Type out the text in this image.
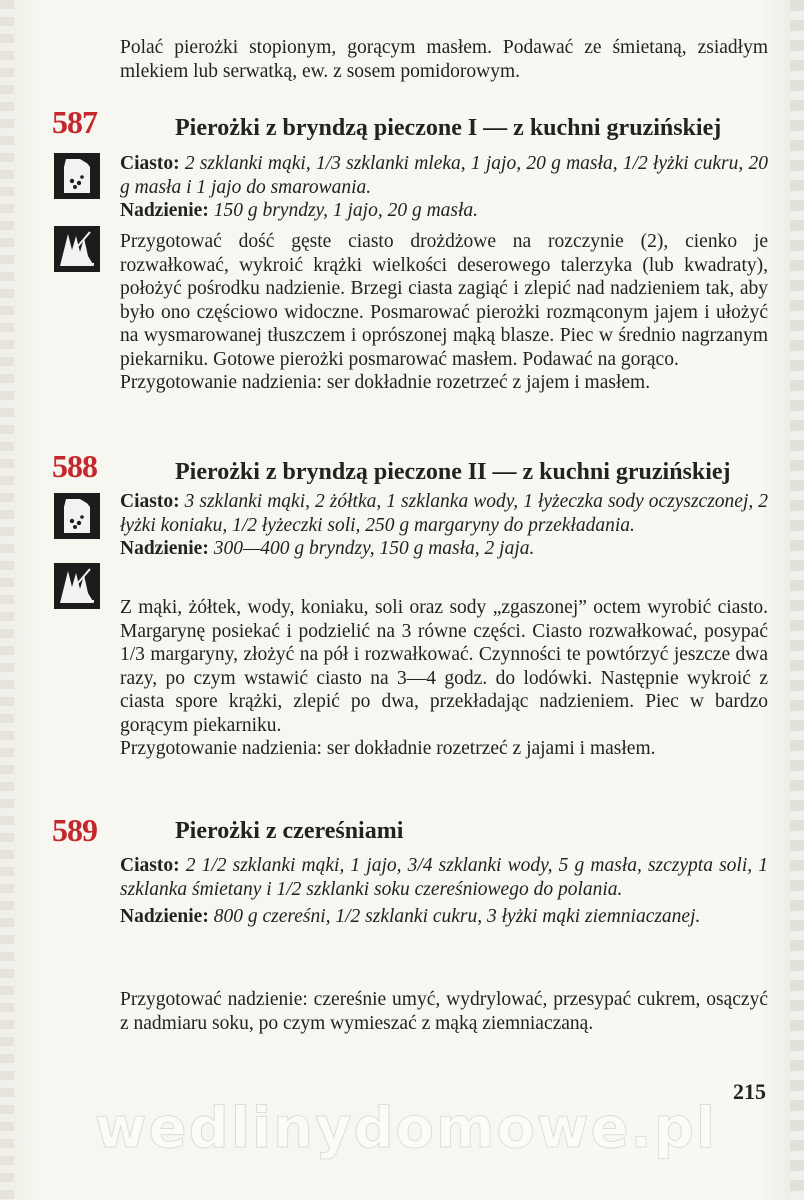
Polać pierożki stopionym, gorącym masłem. Podawać ze śmietaną, zsiadłym mlekiem lub serwatką, ew. z sosem pomidorowym.

587	Pierożki z bryndzą pieczone I — z kuchni gruzińskiej

Ciasto: 2 szklanki mąki, 1/3 szklanki mleka, 1 jajo, 20 g masła, 1/2 łyżki cukru, 20 g masła i 1 jajo do smarowania.

Nadzienie: 150 g bryndzy, 1 jajo, 20 g masła.

Przygotować dość gęste ciasto drożdżowe na rozczynie (2), cienko je rozwałkować, wykroić krążki wielkości deserowego talerzyka (lub kwadraty), położyć pośrodku nadzienie. Brzegi ciasta zagiąć i zlepić nad nadzieniem tak, aby było ono częściowo widoczne. Posmarować pierożki rozmąconym jajem i ułożyć na wysmarowanej tłuszczem i oprószonej mąką blasze. Piec w średnio nagrzanym piekarniku. Gotowe pierożki posmarować masłem. Podawać na gorąco.

Przygotowanie nadzienia: ser dokładnie rozetrzeć z jajem i masłem.

588	Pierożki z bryndzą pieczone II — z kuchni gruzińskiej

Ciasto: 3 szklanki mąki, 2 żółtka, 1 szklanka wody, 1 łyżeczka sody oczyszczonej, 2 łyżki koniaku, 1/2 łyżeczki soli, 250 g margaryny do przekładania.

Nadzienie: 300—400 g bryndzy, 150 g masła, 2 jaja.

Z mąki, żółtek, wody, koniaku, soli oraz sody „zgaszonej” octem wyrobić ciasto. Margarynę posiekać i podzielić na 3 równe części. Ciasto rozwałkować, posypać 1/3 margaryny, złożyć na pół i rozwałkować. Czynności te powtórzyć jeszcze dwa razy, po czym wstawić ciasto na 3—4 godz. do lodówki. Następnie wykroić z ciasta spore krążki, zlepić po dwa, przekładając nadzieniem. Piec w bardzo gorącym piekarniku.

Przygotowanie nadzienia: ser dokładnie rozetrzeć z jajami i masłem.

589	Pierożki z czereśniami

Ciasto: 2 1/2 szklanki mąki, 1 jajo, 3/4 szklanki wody, 5 g masła, szczypta soli, 1 szklanka śmietany i 1/2 szklanki soku czereśniowego do polania.

Nadzienie: 800 g czereśni, 1/2 szklanki cukru, 3 łyżki mąki ziemniaczanej.

Przygotować nadzienie: czereśnie umyć, wydrylować, przesypać cukrem, osączyć z nadmiaru soku, po czym wymieszać z mąką ziemniaczaną.

215
wedlinydomowe.pl
